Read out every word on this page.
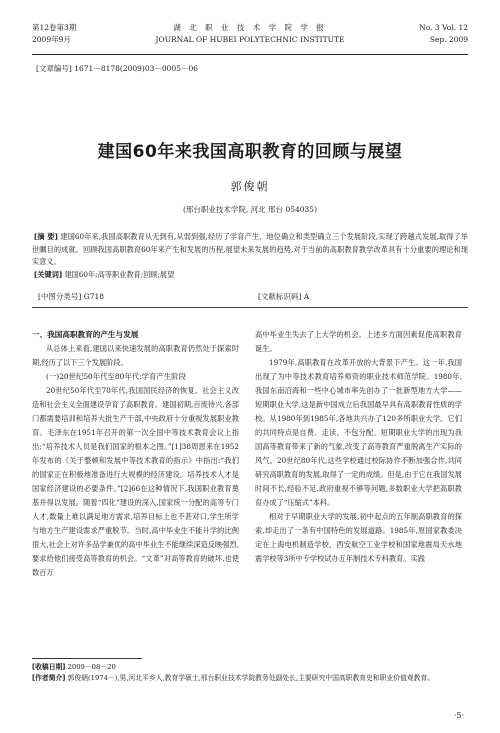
第12卷第3期
2009年9月
湖 北 职 业 技 术 学 院 学 报
JOURNAL OF HUBEI POLYTECHNIC INSTITUTE
No. 3 Vol. 12
Sep. 2009
[文章编号] 1671－8178(2009)03－0005－06
建国60年来我国高职教育的回顾与展望
郭俊朝
(邢台职业技术学院, 河北 邢台 054035)

[摘 要] 建国60年来,我国高职教育从无到有,从弱到强,经历了学育产生、地位确立和类型确立三个发展阶段,实现了跨越式发展,取得了举世瞩目的成就。回顾我国高职教育60年来产生和发展的历程,展望未来发展的趋势,对于当前的高职教育教学改革具有十分重要的理论和现实意义。

[关键词] 建国60年;高等职业教育;回顾;展望

[中图分类号] G718	[文献标识码] A
一、我国高职教育的产生与发展

从总体上来看,建国以来快速发展的高职教育仍然处于探索时期,经历了以下三个发展阶段。

(一)20世纪50年代至80年代:学育产生阶段

20世纪50年代至70年代,我国国民经济的恢复、社会主义改造和社会主义全面建设孕育了高职教育。建国初期,百废待兴,各部门都需要培训和培养大批生产干部,中央政府十分重视发展职业教育。毛泽东在1951年召开的第一次全国中等技术教育会议上指出:“培养技术人员是我们国家的根本之图。”[1]38周恩来在1952年发布的《关于整顿和发展中等技术教育的指示》中指出:“我们的国家正在积极地准备进行大规模的经济建设。培养技术人才是国家经济建设的必要条件。”[2]66在这种情况下,我国职业教育奠基并得以发展。随着“四化”建设的深入,国家统一分配的高等专门人才,数量上难以满足地方需求,培养目标上也不甚对口,学生所学与地方生产建设需求严重脱节。当时,高中毕业生不能升学的比例很大,社会上对许多品学兼优的高中毕业生不能继续深造反映强烈,要求给他们接受高等教育的机会。“文革”对高等教育的破坏,也使数百万

高中毕业生失去了上大学的机会。上述多方面因素促使高职教育诞生。

1979年,高职教育在改革开放的大背景下产生。这一年,我国出现了为中等技术教育培养师资的职业技术师范学院。1980年,我国东南沿海和一些中心城市率先创办了一批新型地方大学——短期职业大学,这是新中国成立后我国最早具有高职教育性质的学校。从1980年到1985年,各地共兴办了120多所职业大学。它们的共同特点是自费、走读、不包分配。短期职业大学的出现为我国高等教育带来了新的气象,改变了高等教育严重脱离生产实际的风气。20世纪80年代,这些学校通过校际协作不断加强合作,共同研究高职教育的发展,取得了一定的成绩。但是,由于它在我国发展时间不长,经验不足,政府重视不够等问题,多数职业大学把高职教育办成了“压缩式”本科。

相对于早期职业大学的发展,初中起点的五年制高职教育的探索,却走出了一条有中国特色的发展道路。1985年,原国家教委决定在上海电机制造学校、西安航空工业学校和国家地震局天水地震学校等3所中专学校试办五年制技术专科教育。实践

[收稿日期] 2009－08－20
[作者简介] 郭俊朝(1974－),男,河北平乡人,教育学硕士,邢台职业技术学院教务处副处长,主要研究中国高职教育史和职业价值观教育。
·5·
